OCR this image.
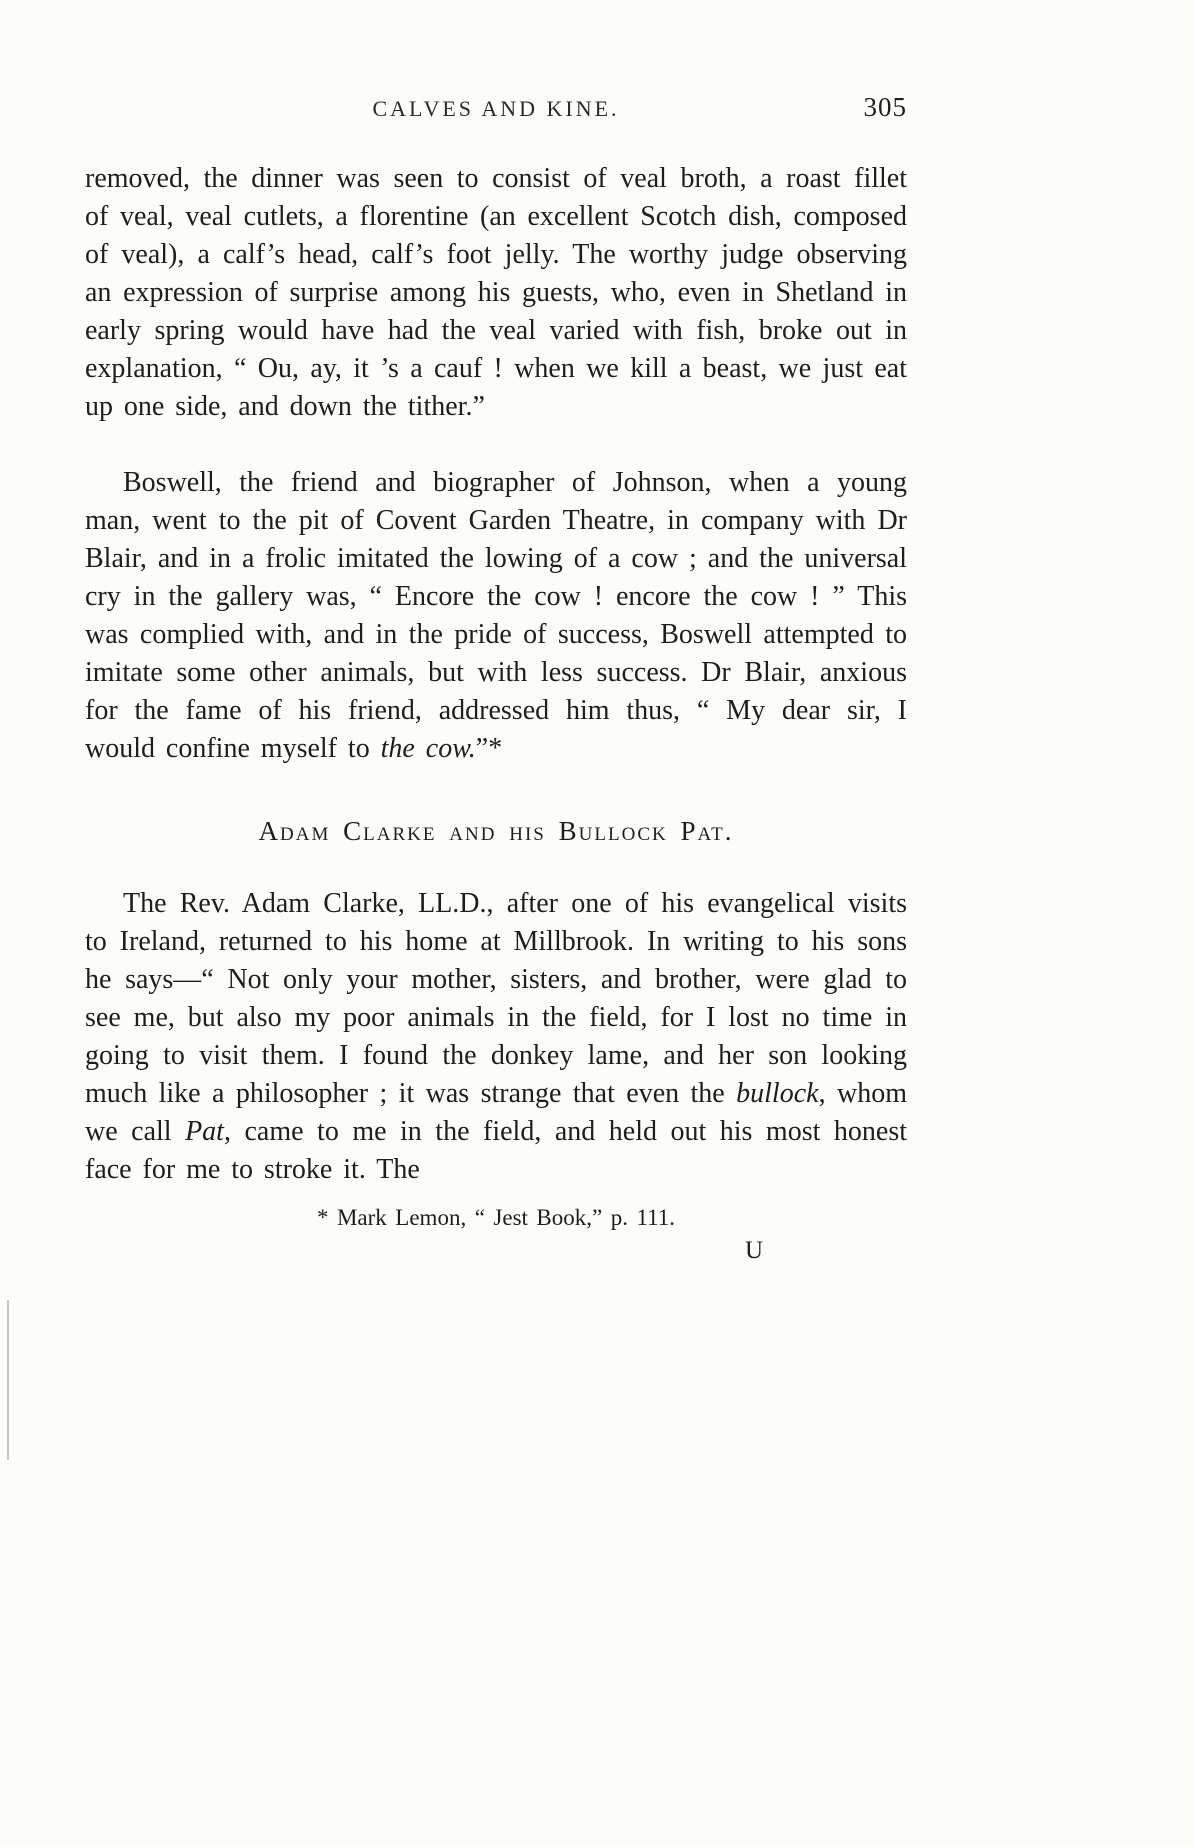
CALVES AND KINE.	305

removed, the dinner was seen to consist of veal broth, a roast fillet of veal, veal cutlets, a florentine (an excellent Scotch dish, composed of veal), a calf’s head, calf’s foot jelly. The worthy judge observing an expression of surprise among his guests, who, even in Shetland in early spring would have had the veal varied with fish, broke out in explanation, “ Ou, ay, it ’s a cauf ! when we kill a beast, we just eat up one side, and down the tither.”

Boswell, the friend and biographer of Johnson, when a young man, went to the pit of Covent Garden Theatre, in company with Dr Blair, and in a frolic imitated the lowing of a cow ; and the universal cry in the gallery was, “ Encore the cow ! encore the cow ! ” This was complied with, and in the pride of success, Boswell attempted to imitate some other animals, but with less success. Dr Blair, anxious for the fame of his friend, addressed him thus, “ My dear sir, I would confine myself to the cow.”*

Adam Clarke and his Bullock Pat.

The Rev. Adam Clarke, LL.D., after one of his evangelical visits to Ireland, returned to his home at Millbrook. In writing to his sons he says—“ Not only your mother, sisters, and brother, were glad to see me, but also my poor animals in the field, for I lost no time in going to visit them. I found the donkey lame, and her son looking much like a philosopher ; it was strange that even the bullock, whom we call Pat, came to me in the field, and held out his most honest face for me to stroke it. The

* Mark Lemon, “ Jest Book,” p. 111.
U
